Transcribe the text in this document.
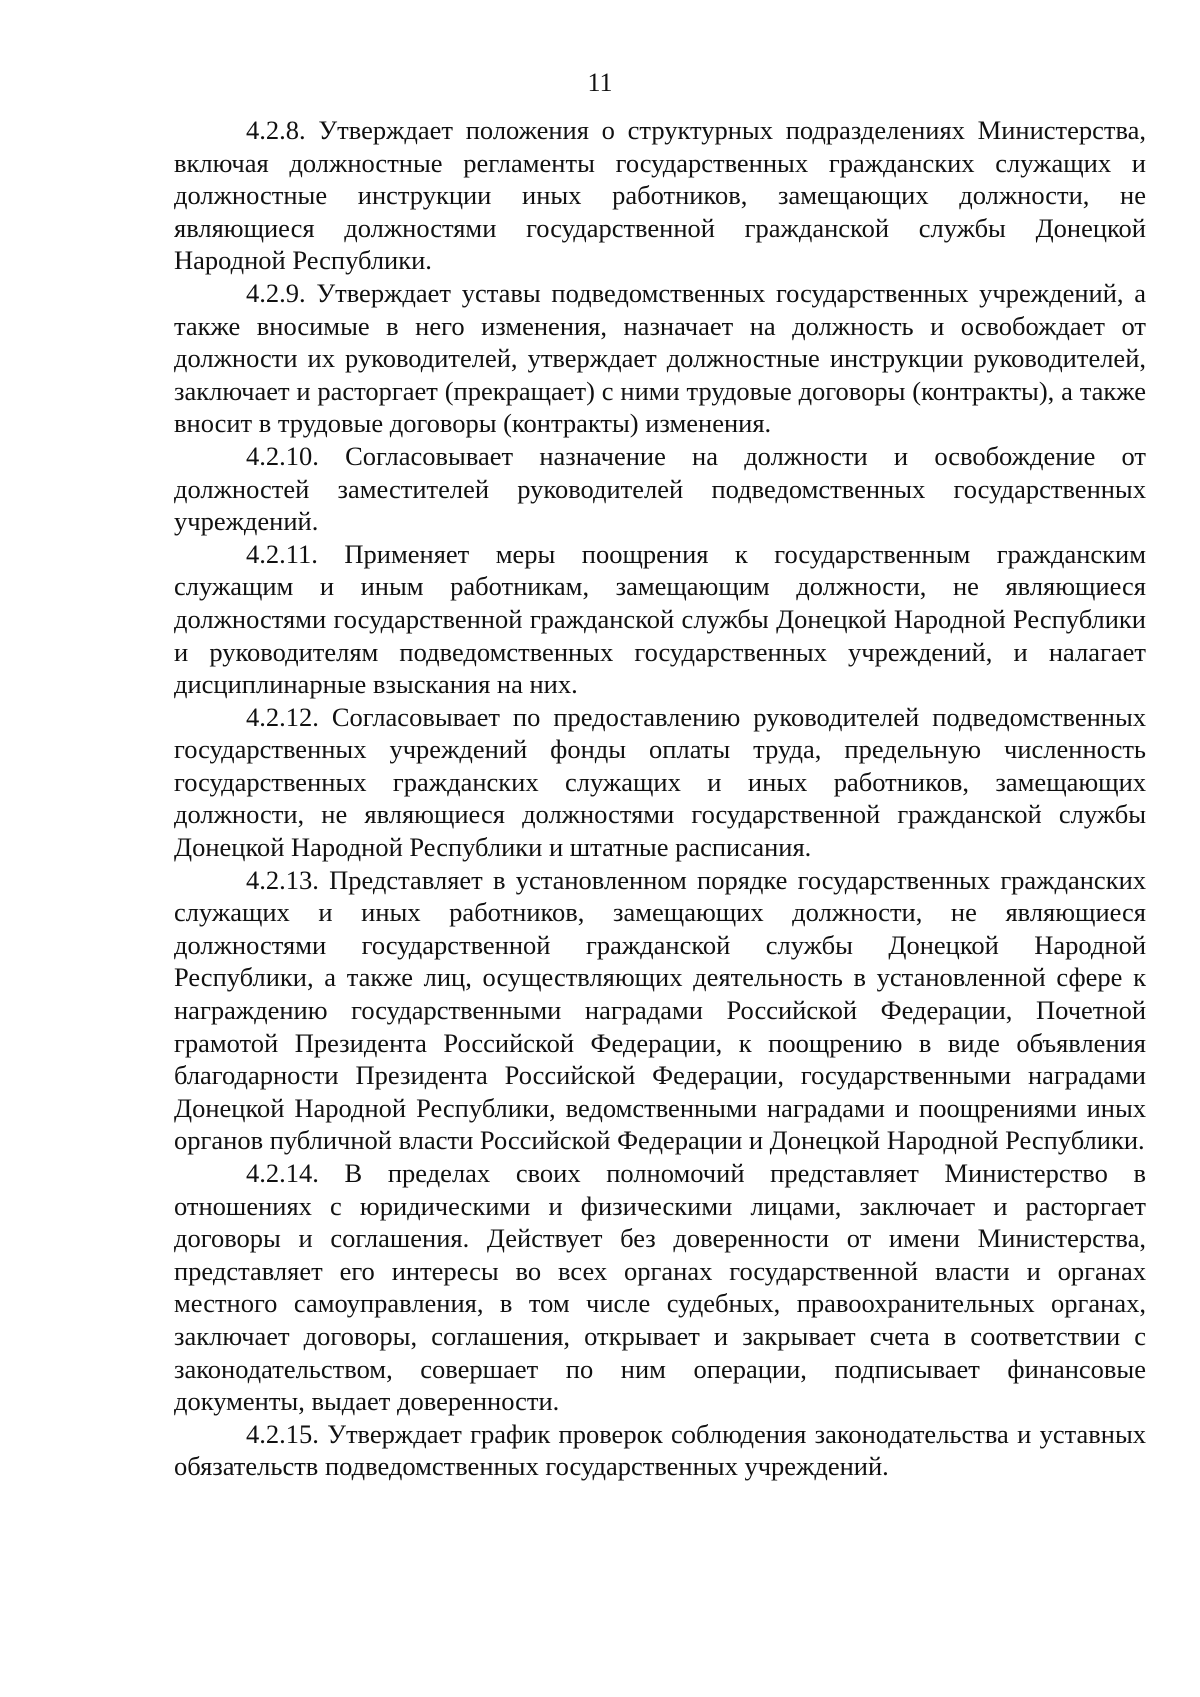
11

4.2.8. Утверждает положения о структурных подразделениях Министерства, включая должностные регламенты государственных гражданских служащих и должностные инструкции иных работников, замещающих должности, не являющиеся должностями государственной гражданской службы Донецкой Народной Республики.

4.2.9. Утверждает уставы подведомственных государственных учреждений, а также вносимые в него изменения, назначает на должность и освобождает от должности их руководителей, утверждает должностные инструкции руководителей, заключает и расторгает (прекращает) с ними трудовые договоры (контракты), а также вносит в трудовые договоры (контракты) изменения.

4.2.10. Согласовывает назначение на должности и освобождение от должностей заместителей руководителей подведомственных государственных учреждений.

4.2.11. Применяет меры поощрения к государственным гражданским служащим и иным работникам, замещающим должности, не являющиеся должностями государственной гражданской службы Донецкой Народной Республики и руководителям подведомственных государственных учреждений, и налагает дисциплинарные взыскания на них.

4.2.12. Согласовывает по предоставлению руководителей подведомственных государственных учреждений фонды оплаты труда, предельную численность государственных гражданских служащих и иных работников, замещающих должности, не являющиеся должностями государственной гражданской службы Донецкой Народной Республики и штатные расписания.

4.2.13. Представляет в установленном порядке государственных гражданских служащих и иных работников, замещающих должности, не являющиеся должностями государственной гражданской службы Донецкой Народной Республики, а также лиц, осуществляющих деятельность в установленной сфере к награждению государственными наградами Российской Федерации, Почетной грамотой Президента Российской Федерации, к поощрению в виде объявления благодарности Президента Российской Федерации, государственными наградами Донецкой Народной Республики, ведомственными наградами и поощрениями иных органов публичной власти Российской Федерации и Донецкой Народной Республики.

4.2.14. В пределах своих полномочий представляет Министерство в отношениях с юридическими и физическими лицами, заключает и расторгает договоры и соглашения. Действует без доверенности от имени Министерства, представляет его интересы во всех органах государственной власти и органах местного самоуправления, в том числе судебных, правоохранительных органах, заключает договоры, соглашения, открывает и закрывает счета в соответствии с законодательством, совершает по ним операции, подписывает финансовые документы, выдает доверенности.

4.2.15. Утверждает график проверок соблюдения законодательства и уставных обязательств подведомственных государственных учреждений.
